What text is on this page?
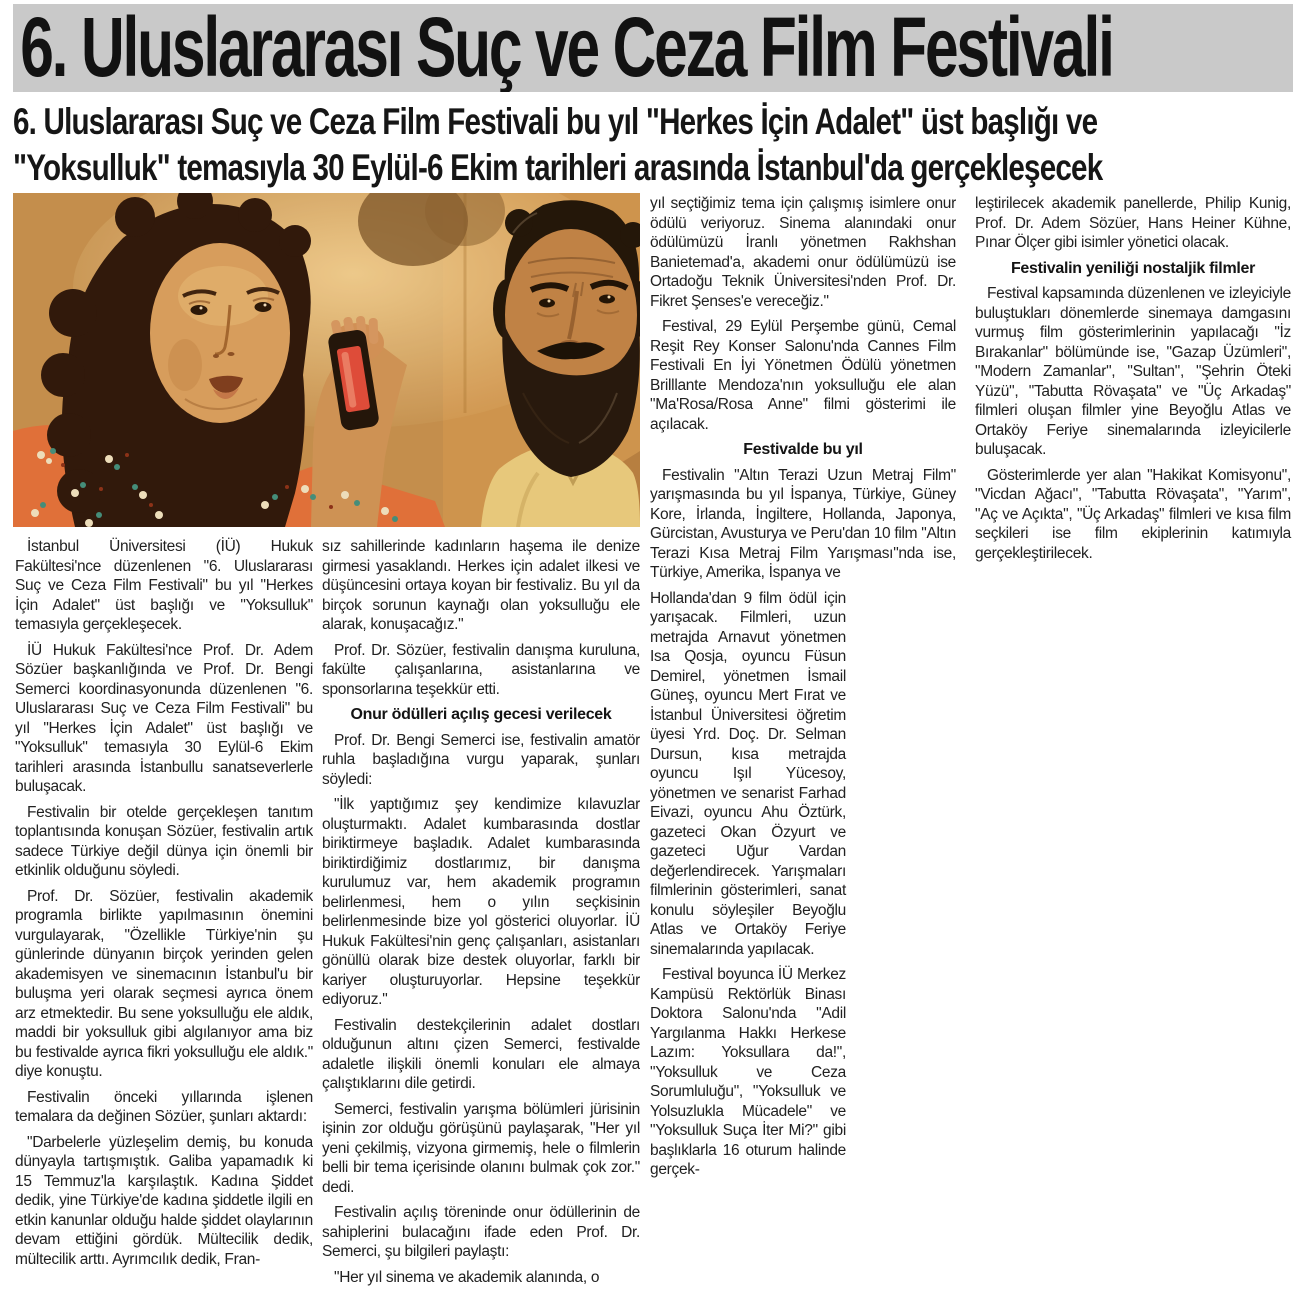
6. Uluslararası Suç ve Ceza Film Festivali
6. Uluslararası Suç ve Ceza Film Festivali bu yıl "Herkes İçin Adalet" üst başlığı ve
"Yoksulluk" temasıyla 30 Eylül-6 Ekim tarihleri arasında İstanbul'da gerçekleşecek

İstanbul Üniversitesi (İÜ) Hukuk Fakültesi'nce düzenlenen "6. Uluslararası Suç ve Ceza Film Festivali" bu yıl "Herkes İçin Adalet" üst başlığı ve "Yoksulluk" temasıyla gerçekleşecek.

İÜ Hukuk Fakültesi'nce Prof. Dr. Adem Sözüer başkanlığında ve Prof. Dr. Bengi Semerci koordinasyonunda düzenlenen "6. Uluslararası Suç ve Ceza Film Festivali" bu yıl "Herkes İçin Adalet" üst başlığı ve "Yoksulluk" temasıyla 30 Eylül-6 Ekim tarihleri arasında İstanbullu sanatseverlerle buluşacak.

Festivalin bir otelde gerçekleşen tanıtım toplantısında konuşan Sözüer, festivalin artık sadece Türkiye değil dünya için önemli bir etkinlik olduğunu söyledi.

Prof. Dr. Sözüer, festivalin akademik programla birlikte yapılmasının önemini vurgulayarak, "Özellikle Türkiye'nin şu günlerinde dünyanın birçok yerinden gelen akademisyen ve sinemacının İstanbul'u bir buluşma yeri olarak seçmesi ayrıca önem arz etmektedir. Bu sene yoksulluğu ele aldık, maddi bir yoksulluk gibi algılanıyor ama biz bu festivalde ayrıca fikri yoksulluğu ele aldık." diye konuştu.

Festivalin önceki yıllarında işlenen temalara da değinen Sözüer, şunları aktardı:

"Darbelerle yüzleşelim demiş, bu konuda dünyayla tartışmıştık. Galiba yapamadık ki 15 Temmuz'la karşılaştık. Kadına Şiddet dedik, yine Türkiye'de kadına şiddetle ilgili en etkin kanunlar olduğu halde şiddet olaylarının devam ettiğini gördük. Mültecilik dedik, mültecilik arttı. Ayrımcılık dedik, Fran-

sız sahillerinde kadınların haşema ile denize girmesi yasaklandı. Herkes için adalet ilkesi ve düşüncesini ortaya koyan bir festivaliz. Bu yıl da birçok sorunun kaynağı olan yoksulluğu ele alarak, konuşacağız."

Prof. Dr. Sözüer, festivalin danışma kuruluna, fakülte çalışanlarına, asistanlarına ve sponsorlarına teşekkür etti.

Onur ödülleri açılış gecesi verilecek

Prof. Dr. Bengi Semerci ise, festivalin amatör ruhla başladığına vurgu yaparak, şunları söyledi:

"İlk yaptığımız şey kendimize kılavuzlar oluşturmaktı. Adalet kumbarasında dostlar biriktirmeye başladık. Adalet kumbarasında biriktirdiğimiz dostlarımız, bir danışma kurulumuz var, hem akademik programın belirlenmesi, hem o yılın seçkisinin belirlenmesinde bize yol gösterici oluyorlar. İÜ Hukuk Fakültesi'nin genç çalışanları, asistanları gönüllü olarak bize destek oluyorlar, farklı bir kariyer oluşturuyorlar. Hepsine teşekkür ediyoruz."

Festivalin destekçilerinin adalet dostları olduğunun altını çizen Semerci, festivalde adaletle ilişkili önemli konuları ele almaya çalıştıklarını dile getirdi.

Semerci, festivalin yarışma bölümleri jürisinin işinin zor olduğu görüşünü paylaşarak, "Her yıl yeni çekilmiş, vizyona girmemiş, hele o filmlerin belli bir tema içerisinde olanını bulmak çok zor." dedi.

Festivalin açılış töreninde onur ödüllerinin de sahiplerini bulacağını ifade eden Prof. Dr. Semerci, şu bilgileri paylaştı:

"Her yıl sinema ve akademik alanında, o

yıl seçtiğimiz tema için çalışmış isimlere onur ödülü veriyoruz. Sinema alanındaki onur ödülümüzü İranlı yönetmen Rakhshan Banietemad'a, akademi onur ödülümüzü ise Ortadoğu Teknik Üniversitesi'nden Prof. Dr. Fikret Şenses'e vereceğiz."

Festival, 29 Eylül Perşembe günü, Cemal Reşit Rey Konser Salonu'nda Cannes Film Festivali En İyi Yönetmen Ödülü yönetmen Brilllante Mendoza'nın yoksulluğu ele alan "Ma'Rosa/Rosa Anne" filmi gösterimi ile açılacak.

Festivalde bu yıl

Festivalin "Altın Terazi Uzun Metraj Film" yarışmasında bu yıl İspanya, Türkiye, Güney Kore, İrlanda, İngiltere, Hollanda, Japonya, Gürcistan, Avusturya ve Peru'dan 10 film "Altın Terazi Kısa Metraj Film Yarışması"nda ise, Türkiye, Amerika, İspanya ve

Hollanda'dan 9 film ödül için yarışacak. Filmleri, uzun metrajda Arnavut yönetmen Isa Qosja, oyuncu Füsun Demirel, yönetmen İsmail Güneş, oyuncu Mert Fırat ve İstanbul Üniversitesi öğretim üyesi Yrd. Doç. Dr. Selman Dursun, kısa metrajda oyuncu Işıl Yücesoy, yönetmen ve senarist Farhad Eivazi, oyuncu Ahu Öztürk, gazeteci Okan Özyurt ve gazeteci Uğur Vardan değerlendirecek. Yarışmaları filmlerinin gösterimleri, sanat konulu söyleşiler Beyoğlu Atlas ve Ortaköy Feriye sinemalarında yapılacak.

Festival boyunca İÜ Merkez Kampüsü Rektörlük Binası Doktora Salonu'nda "Adil Yargılanma Hakkı Herkese Lazım: Yoksullara da!", "Yoksulluk ve Ceza Sorumluluğu", "Yoksulluk ve Yolsuzlukla Mücadele" ve "Yoksulluk Suça İter Mi?" gibi başlıklarla 16 oturum halinde gerçek-

leştirilecek akademik panellerde, Philip Kunig, Prof. Dr. Adem Sözüer, Hans Heiner Kühne, Pınar Ölçer gibi isimler yönetici olacak.

Festivalin yeniliği nostaljik filmler

Festival kapsamında düzenlenen ve izleyiciyle buluştukları dönemlerde sinemaya damgasını vurmuş film gösterimlerinin yapılacağı "İz Bırakanlar" bölümünde ise, "Gazap Üzümleri", "Modern Zamanlar", "Sultan", "Şehrin Öteki Yüzü", "Tabutta Rövaşata" ve "Üç Arkadaş" filmleri oluşan filmler yine Beyoğlu Atlas ve Ortaköy Feriye sinemalarında izleyicilerle buluşacak.

Gösterimlerde yer alan "Hakikat Komisyonu", "Vicdan Ağacı", "Tabutta Rövaşata", "Yarım", "Aç ve Açıkta", "Üç Arkadaş" filmleri ve kısa film seçkileri ise film ekiplerinin katımıyla gerçekleştirilecek.
